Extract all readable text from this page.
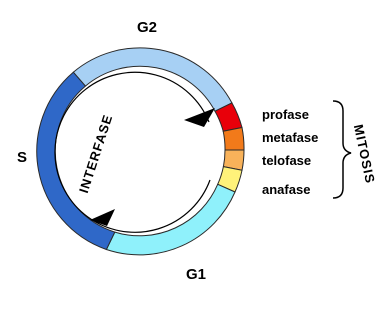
G2
S
G1
INTERFASE	profase
metafase
telofase
anafase
MITOSIS
